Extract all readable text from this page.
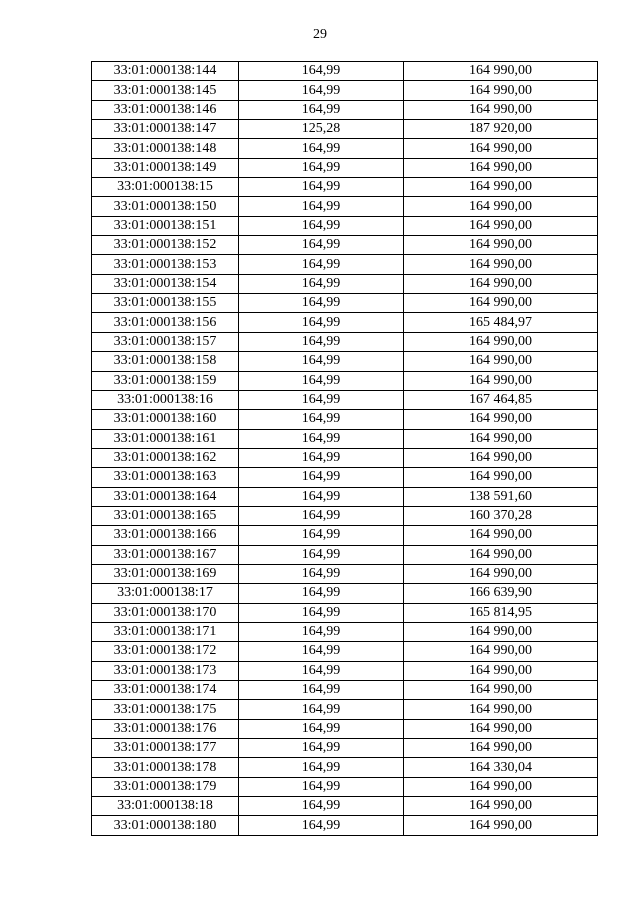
29
33:01:000138:144	164,99	164 990,00
33:01:000138:145	164,99	164 990,00
33:01:000138:146	164,99	164 990,00
33:01:000138:147	125,28	187 920,00
33:01:000138:148	164,99	164 990,00
33:01:000138:149	164,99	164 990,00
33:01:000138:15	164,99	164 990,00
33:01:000138:150	164,99	164 990,00
33:01:000138:151	164,99	164 990,00
33:01:000138:152	164,99	164 990,00
33:01:000138:153	164,99	164 990,00
33:01:000138:154	164,99	164 990,00
33:01:000138:155	164,99	164 990,00
33:01:000138:156	164,99	165 484,97
33:01:000138:157	164,99	164 990,00
33:01:000138:158	164,99	164 990,00
33:01:000138:159	164,99	164 990,00
33:01:000138:16	164,99	167 464,85
33:01:000138:160	164,99	164 990,00
33:01:000138:161	164,99	164 990,00
33:01:000138:162	164,99	164 990,00
33:01:000138:163	164,99	164 990,00
33:01:000138:164	164,99	138 591,60
33:01:000138:165	164,99	160 370,28
33:01:000138:166	164,99	164 990,00
33:01:000138:167	164,99	164 990,00
33:01:000138:169	164,99	164 990,00
33:01:000138:17	164,99	166 639,90
33:01:000138:170	164,99	165 814,95
33:01:000138:171	164,99	164 990,00
33:01:000138:172	164,99	164 990,00
33:01:000138:173	164,99	164 990,00
33:01:000138:174	164,99	164 990,00
33:01:000138:175	164,99	164 990,00
33:01:000138:176	164,99	164 990,00
33:01:000138:177	164,99	164 990,00
33:01:000138:178	164,99	164 330,04
33:01:000138:179	164,99	164 990,00
33:01:000138:18	164,99	164 990,00
33:01:000138:180	164,99	164 990,00
